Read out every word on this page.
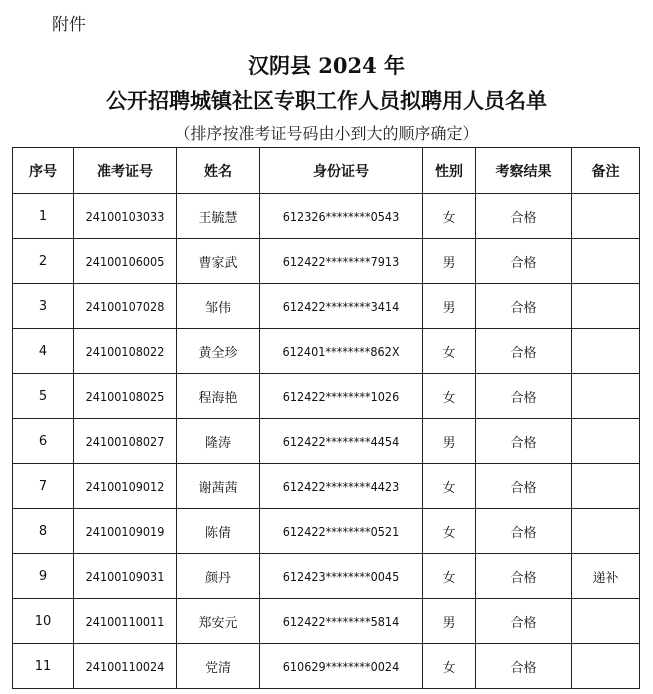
附件
汉阴县 2024 年
公开招聘城镇社区专职工作人员拟聘用人员名单
（排序按准考证号码由小到大的顺序确定）
序号	准考证号	姓名	身份证号	性别	考察结果	备注
1	24100103033	王毓慧	612326********0543	女	合格	
2	24100106005	曹家武	612422********7913	男	合格	
3	24100107028	邹伟	612422********3414	男	合格	
4	24100108022	黄全珍	612401********862X	女	合格	
5	24100108025	程海艳	612422********1026	女	合格	
6	24100108027	隆涛	612422********4454	男	合格	
7	24100109012	谢茜茜	612422********4423	女	合格	
8	24100109019	陈倩	612422********0521	女	合格	
9	24100109031	颜丹	612423********0045	女	合格	递补
10	24100110011	郑安元	612422********5814	男	合格	
11	24100110024	党清	610629********0024	女	合格	
